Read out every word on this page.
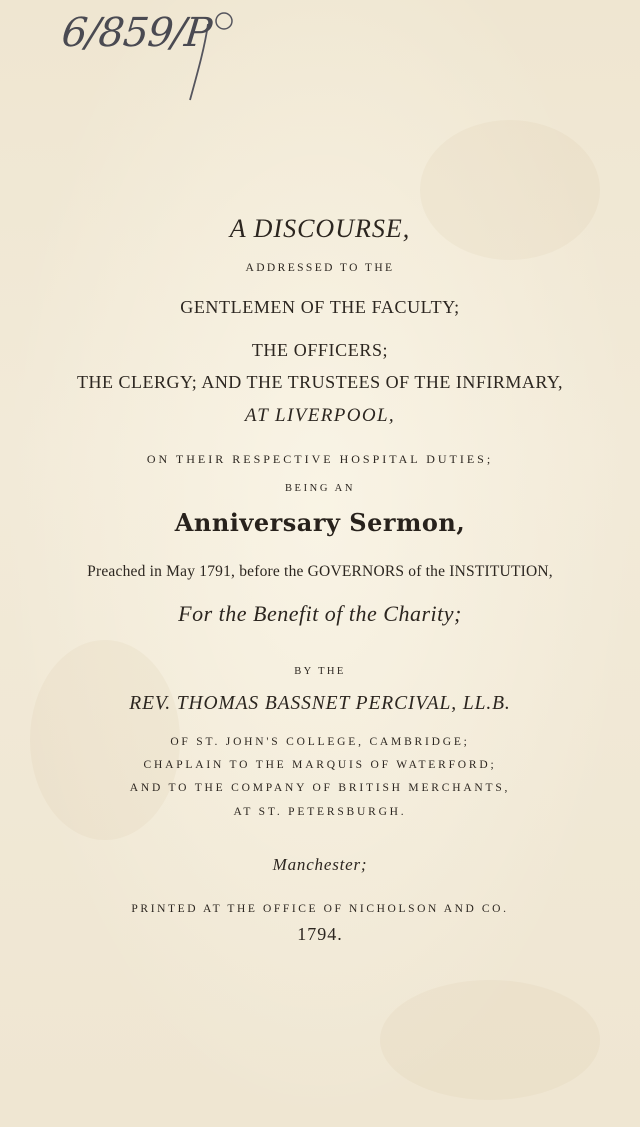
6/859/P
A DISCOURSE,
ADDRESSED TO THE
GENTLEMEN OF THE FACULTY;
THE OFFICERS;
THE CLERGY; AND THE TRUSTEES OF THE INFIRMARY,
AT LIVERPOOL,
ON THEIR RESPECTIVE HOSPITAL DUTIES;
BEING AN
Anniversary Sermon,
Preached in May 1791, before the GOVERNORS of the INSTITUTION,
For the Benefit of the Charity;
BY THE
REV. THOMAS BASSNET PERCIVAL, LL.B.
OF ST. JOHN'S COLLEGE, CAMBRIDGE;
CHAPLAIN TO THE MARQUIS OF WATERFORD;
AND TO THE COMPANY OF BRITISH MERCHANTS,
AT ST. PETERSBURGH.
Manchester;
PRINTED AT THE OFFICE OF NICHOLSON AND CO.
1794.
